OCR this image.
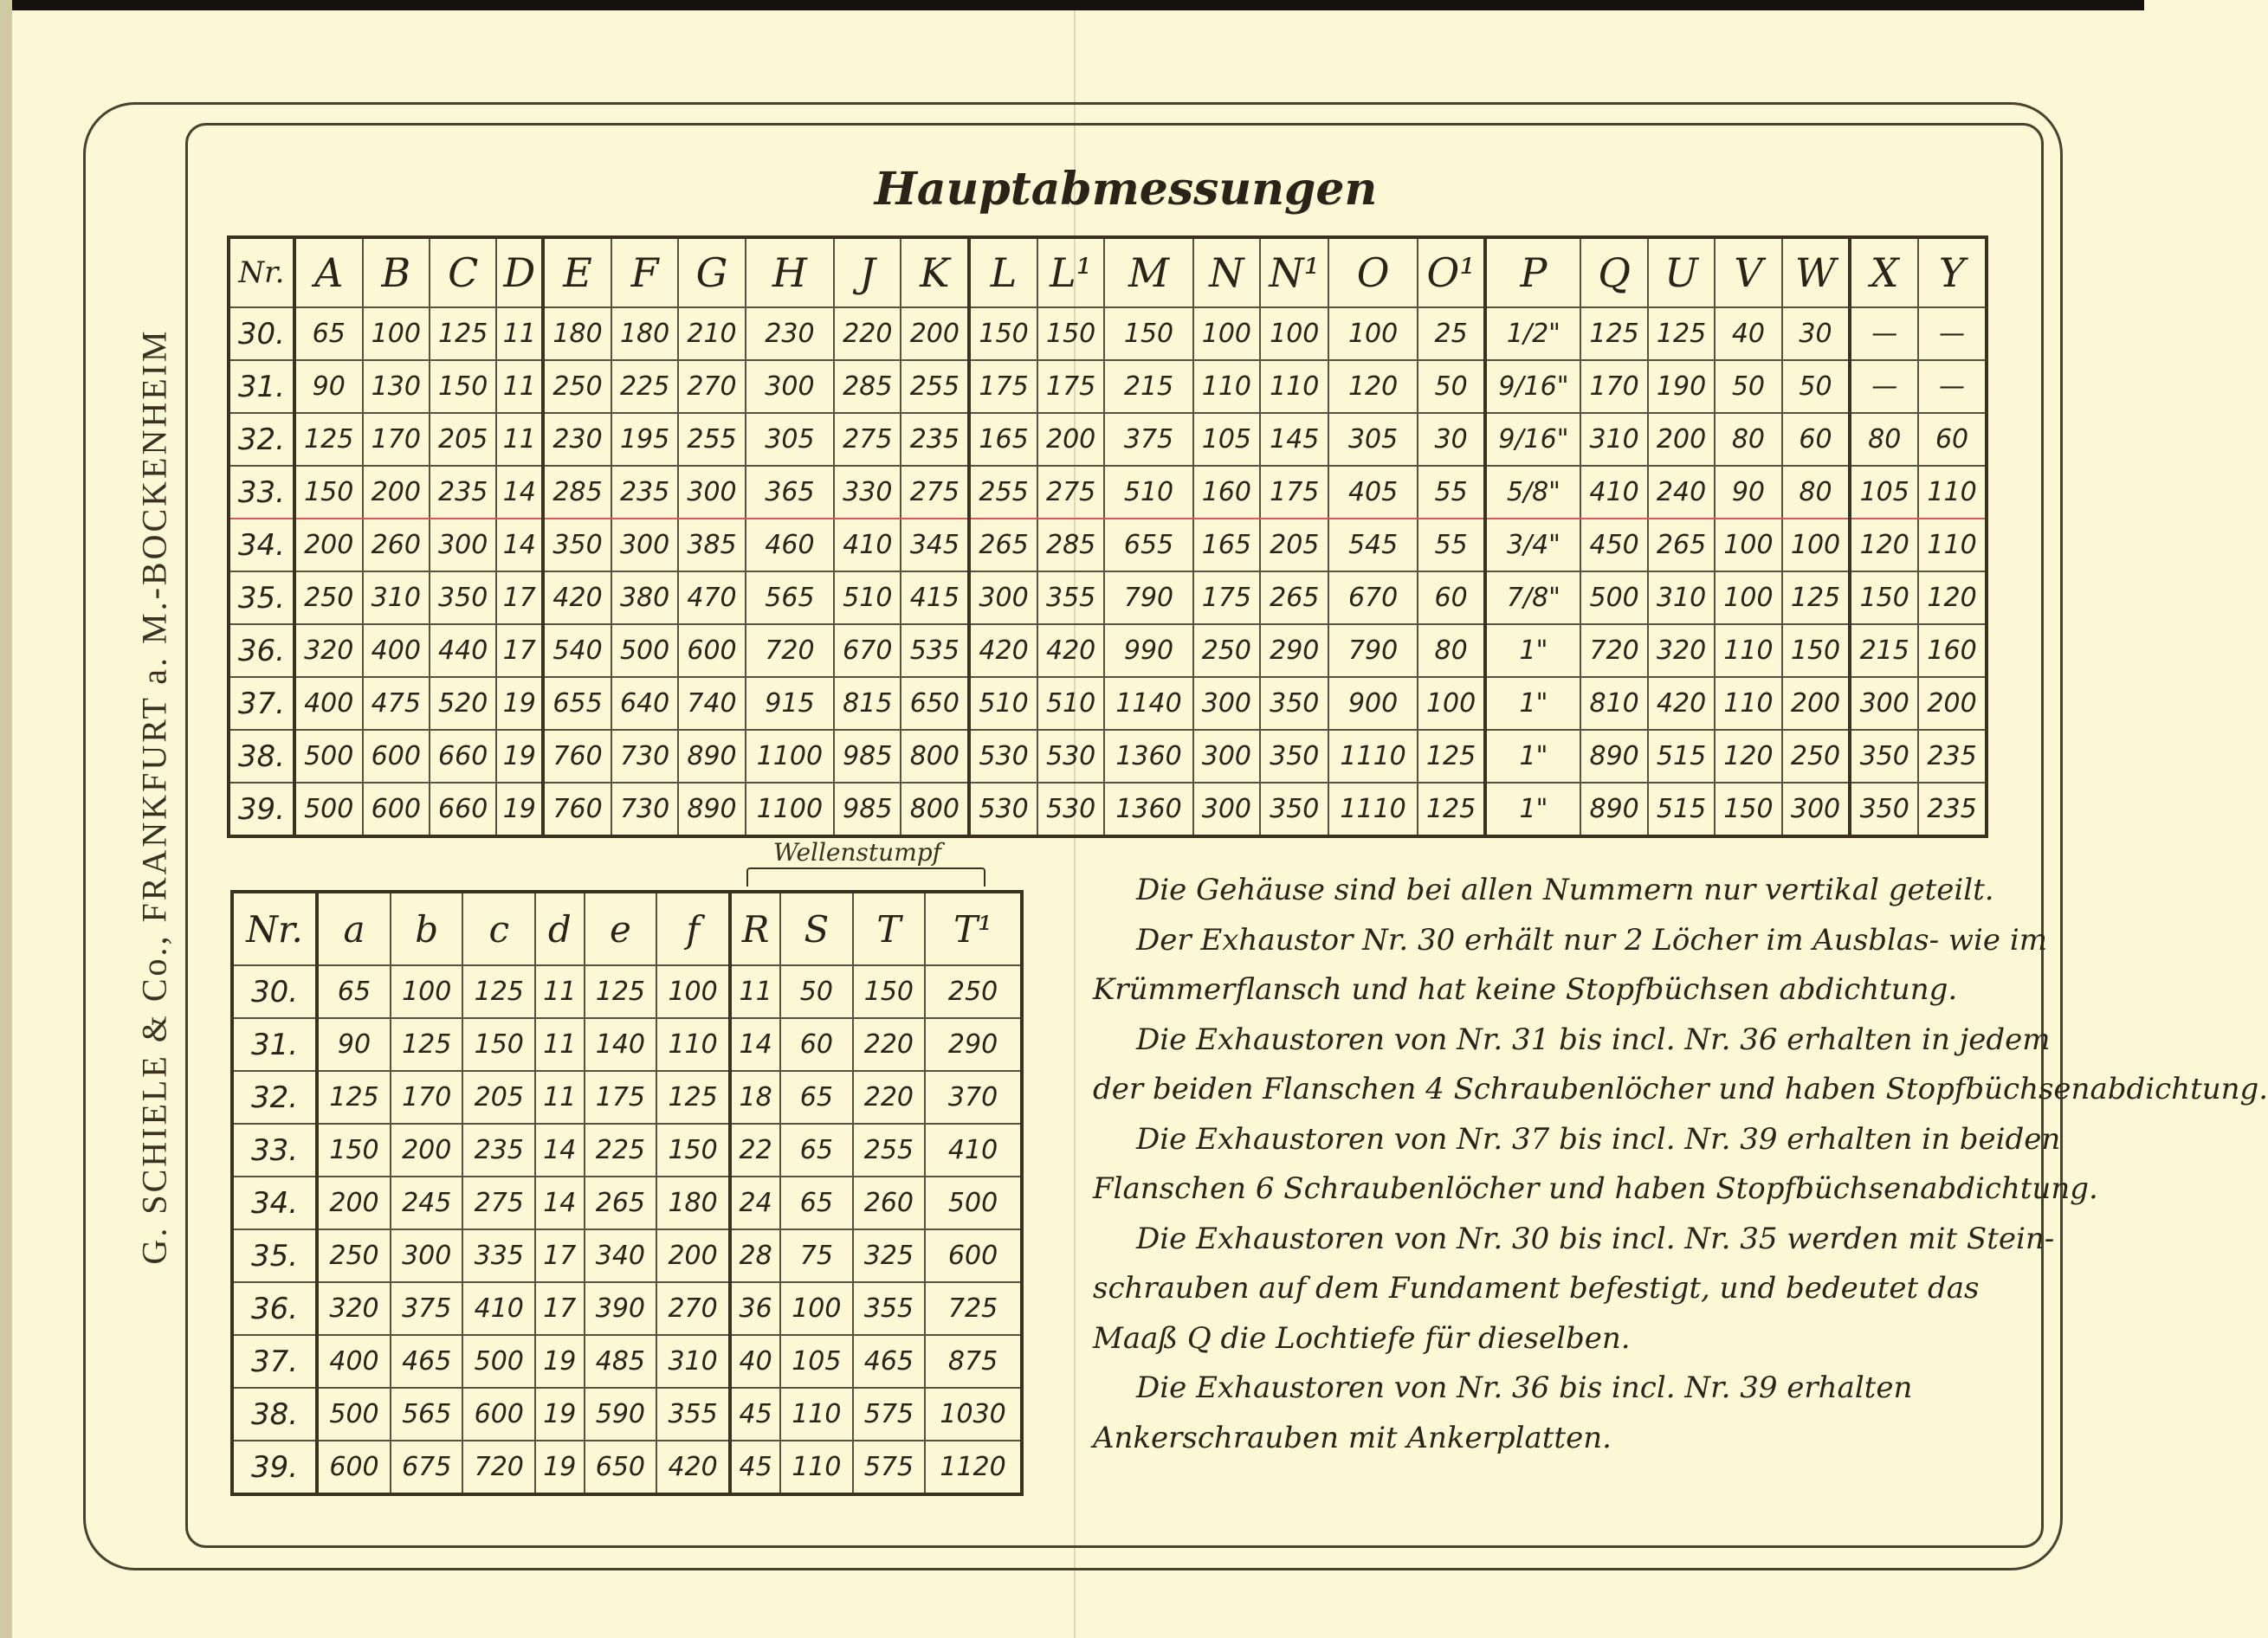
G. SCHIELE & Co., FRANKFURT a. M.-BOCKENHEIM
Hauptabmessungen
Nr.	A	B	C	D	E	F	G	H	J	K	L	L¹	M	N	N¹	O	O¹	P	Q	U	V	W	X	Y
30.	65	100	125	11	180	180	210	230	220	200	150	150	150	100	100	100	25	1/2"	125	125	40	30	—	—
31.	90	130	150	11	250	225	270	300	285	255	175	175	215	110	110	120	50	9/16"	170	190	50	50	—	—
32.	125	170	205	11	230	195	255	305	275	235	165	200	375	105	145	305	30	9/16"	310	200	80	60	80	60
33.	150	200	235	14	285	235	300	365	330	275	255	275	510	160	175	405	55	5/8"	410	240	90	80	105	110
34.	200	260	300	14	350	300	385	460	410	345	265	285	655	165	205	545	55	3/4"	450	265	100	100	120	110
35.	250	310	350	17	420	380	470	565	510	415	300	355	790	175	265	670	60	7/8"	500	310	100	125	150	120
36.	320	400	440	17	540	500	600	720	670	535	420	420	990	250	290	790	80	1"	720	320	110	150	215	160
37.	400	475	520	19	655	640	740	915	815	650	510	510	1140	300	350	900	100	1"	810	420	110	200	300	200
38.	500	600	660	19	760	730	890	1100	985	800	530	530	1360	300	350	1110	125	1"	890	515	120	250	350	235
39.	500	600	660	19	760	730	890	1100	985	800	530	530	1360	300	350	1110	125	1"	890	515	150	300	350	235
Wellenstumpf
Nr.	a	b	c	d	e	f	R	S	T	T¹
30.	65	100	125	11	125	100	11	50	150	250
31.	90	125	150	11	140	110	14	60	220	290
32.	125	170	205	11	175	125	18	65	220	370
33.	150	200	235	14	225	150	22	65	255	410
34.	200	245	275	14	265	180	24	65	260	500
35.	250	300	335	17	340	200	28	75	325	600
36.	320	375	410	17	390	270	36	100	355	725
37.	400	465	500	19	485	310	40	105	465	875
38.	500	565	600	19	590	355	45	110	575	1030
39.	600	675	720	19	650	420	45	110	575	1120

Die Gehäuse sind bei allen Nummern nur vertikal geteilt.

Der Exhaustor Nr. 30 erhält nur 2 Löcher im Ausblas- wie im

Krümmerflansch und hat keine Stopfbüchsen abdichtung.

Die Exhaustoren von Nr. 31 bis incl. Nr. 36 erhalten in jedem

der beiden Flanschen 4 Schraubenlöcher und haben Stopfbüchsenabdichtung.

Die Exhaustoren von Nr. 37 bis incl. Nr. 39 erhalten in beiden

Flanschen 6 Schraubenlöcher und haben Stopfbüchsenabdichtung.

Die Exhaustoren von Nr. 30 bis incl. Nr. 35 werden mit Stein-

schrauben auf dem Fundament befestigt, und bedeutet das

Maaß Q die Lochtiefe für dieselben.

Die Exhaustoren von Nr. 36 bis incl. Nr. 39 erhalten

Ankerschrauben mit Ankerplatten.
